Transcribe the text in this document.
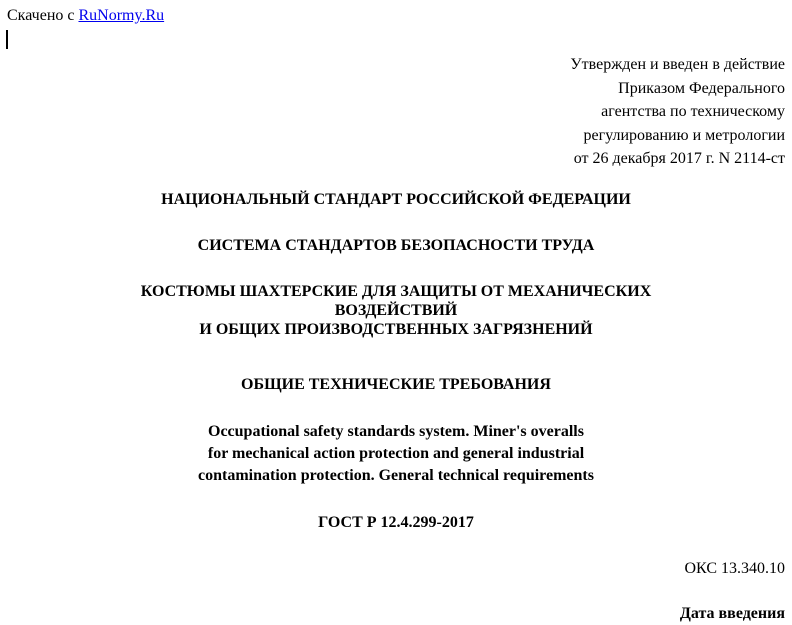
Скачено с RuNormy.Ru
Утвержден и введен в действие
Приказом Федерального
агентства по техническому
регулированию и метрологии
от 26 декабря 2017 г. N 2114-ст
НАЦИОНАЛЬНЫЙ СТАНДАРТ РОССИЙСКОЙ ФЕДЕРАЦИИ
СИСТЕМА СТАНДАРТОВ БЕЗОПАСНОСТИ ТРУДА
КОСТЮМЫ ШАХТЕРСКИЕ ДЛЯ ЗАЩИТЫ ОТ МЕХАНИЧЕСКИХ
ВОЗДЕЙСТВИЙ
И ОБЩИХ ПРОИЗВОДСТВЕННЫХ ЗАГРЯЗНЕНИЙ
ОБЩИЕ ТЕХНИЧЕСКИЕ ТРЕБОВАНИЯ
Occupational safety standards system. Miner's overalls
for mechanical action protection and general industrial
contamination protection. General technical requirements
ГОСТ Р 12.4.299-2017
ОКС 13.340.10
Дата введения
